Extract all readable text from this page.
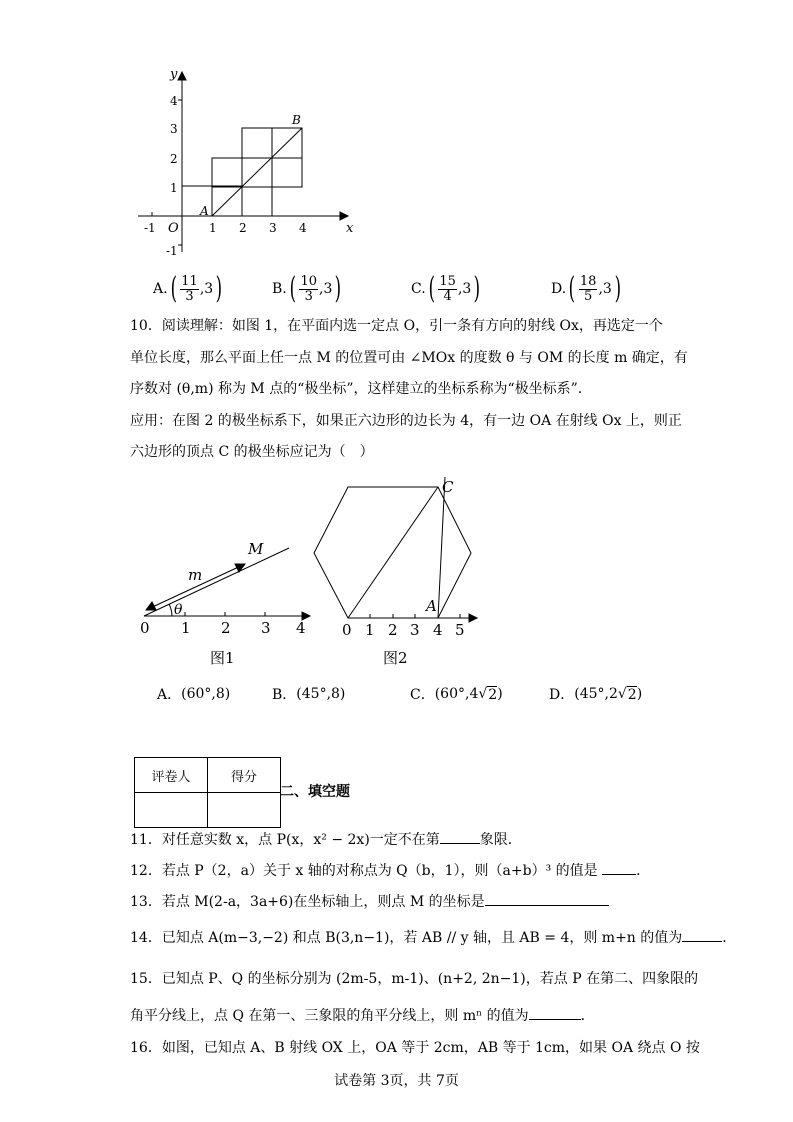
y
x
O
A
B
-1	1 2 3 4
4
3
2
1
-1
A. ( $\frac{11}{3}$ , 3 )	B. ( $\frac{10}{3}$ , 3 )	C. ( $\frac{15}{4}$ , 3 )	D. ( $\frac{18}{5}$ , 3 )
10．阅读理解：如图 1，在平面内选一定点 O，引一条有方向的射线 Ox，再选定一个
单位长度，那么平面上任一点 M 的位置可由 ∠MOx 的度数 θ 与 OM 的长度 m 确定，有
序数对 (θ,m) 称为 M 点的“极坐标”，这样建立的坐标系称为“极坐标系”．
应用：在图 2 的极坐标系下，如果正六边形的边长为 4，有一边 OA 在射线 Ox 上，则正
六边形的顶点 C 的极坐标应记为（　）
M
m
θ
0 1 2 3 4
图1
C
A
0 1 2 3 4 5
图2
A． (60°,8)	B． (45°,8)	C． (60°,4 √ 2 )	D． (45°,2 √ 2 )
评卷人	得分

二、填空题
11．对任意实数 x，点 P(x，x² − 2x)一定不在第	象限．
12．若点 P（2，a）关于 x 轴的对称点为 Q（b，1），则（a+b）³ 的值是	．
13．若点 M(2-a，3a+6)在坐标轴上，则点 M 的坐标是
14．已知点 A(m−3,−2) 和点 B(3,n−1)，若 AB // y 轴，且 AB = 4，则 m+n 的值为	．
15．已知点 P、Q 的坐标分别为 (2m-5，m-1)、(n+2, 2n−1)，若点 P 在第二、四象限的
角平分线上，点 Q 在第一、三象限的角平分线上，则 mⁿ 的值为	．
16．如图，已知点 A、B 射线 OX 上，OA 等于 2cm，AB 等于 1cm，如果 OA 绕点 O 按
试卷第 3页，共 7页
